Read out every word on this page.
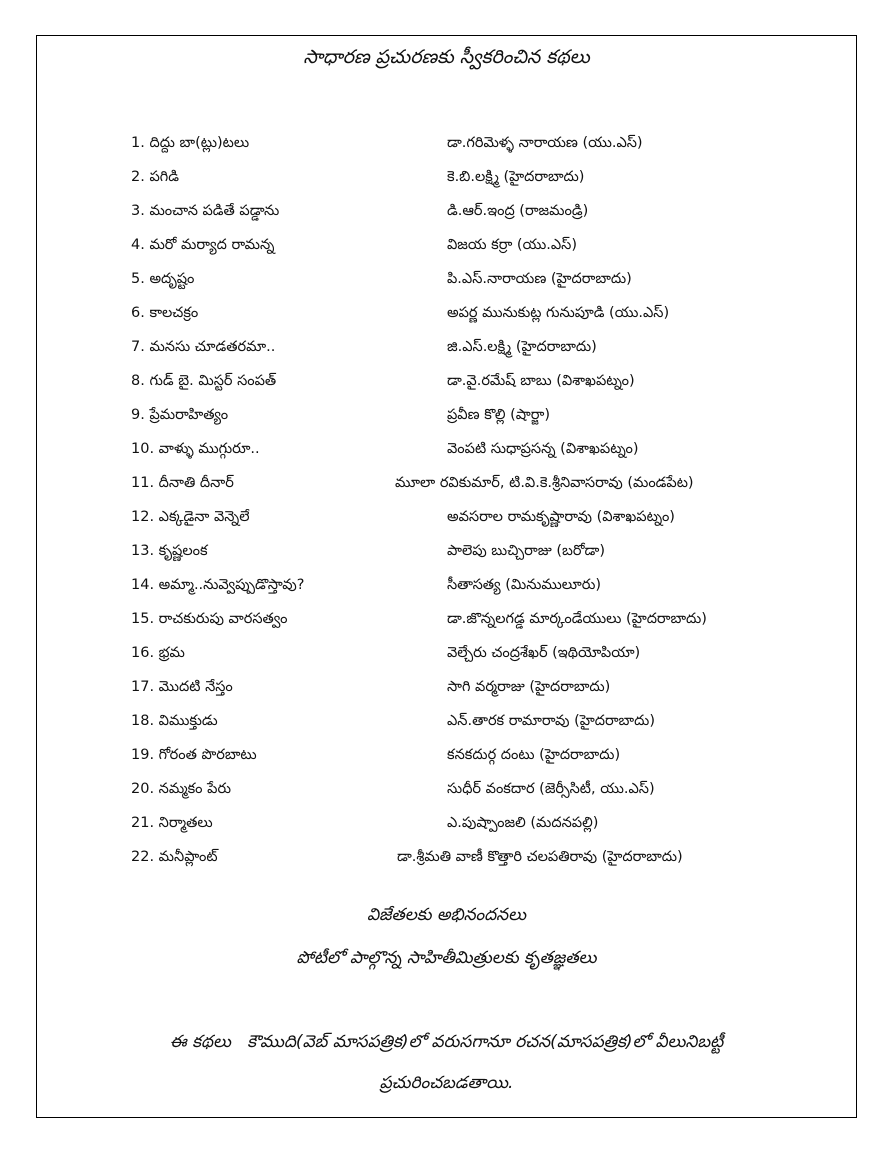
సాధారణ ప్రచురణకు స్వీకరించిన కథలు
1. దిద్దు బా(ట్లు)టలు	డా.గరిమెళ్ళ నారాయణ (యు.ఎస్)
2. పగిడి	కె.బి.లక్ష్మి (హైదరాబాదు)
3. మంచాన పడితే పడ్డాను	డి.ఆర్.ఇంద్ర (రాజమండ్రి)
4. మరో మర్యాద రామన్న	విజయ కర్రా (యు.ఎస్)
5. అదృష్టం	పి.ఎస్.నారాయణ (హైదరాబాదు)
6. కాలచక్రం	అపర్ణ మునుకుట్ల గునుపూడి (యు.ఎస్)
7. మనసు చూడతరమా..	జి.ఎస్.లక్ష్మి (హైదరాబాదు)
8. గుడ్ బై. మిస్టర్ సంపత్	డా.వై.రమేష్ బాబు (విశాఖపట్నం)
9. ప్రేమరాహిత్యం	ప్రవీణ కొల్లి (షార్జా)
10. వాళ్ళు ముగ్గురూ..	వెంపటి సుధాప్రసన్న (విశాఖపట్నం)
11. దీనాతి దీనార్	మూలా రవికుమార్, టి.వి.కె.శ్రీనివాసరావు (మండపేట)
12. ఎక్కడైనా వెన్నెలే	అవసరాల రామకృష్ణారావు (విశాఖపట్నం)
13. కృష్ణలంక	పాలెపు బుచ్చిరాజు (బరోడా)
14. అమ్మా..నువ్వెప్పుడొస్తావు?	సీతాసత్య (మినుములూరు)
15. రాచకురుపు వారసత్వం	డా.జొన్నలగడ్డ మార్కండేయులు (హైదరాబాదు)
16. భ్రమ	వెల్చేరు చంద్రశేఖర్ (ఇథియోపియా)
17. మొదటి నేస్తం	సాగి వర్మరాజు (హైదరాబాదు)
18. విముక్తుడు	ఎన్.తారక రామారావు (హైదరాబాదు)
19. గోరంత పొరబాటు	కనకదుర్గ దంటు (హైదరాబాదు)
20. నమ్మకం పేరు	సుధీర్ వంకదార (జెర్సీసిటీ, యు.ఎస్)
21. నిర్మాతలు	ఎ.పుష్పాంజలి (మదనపల్లి)
22. మనీప్లాంట్	డా.శ్రీమతి వాణీ కొత్తారి చలపతిరావు (హైదరాబాదు)
విజేతలకు అభినందనలు
పోటీలో పాల్గొన్న సాహితీమిత్రులకు కృతజ్ఞతలు
ఈ కథలు   కౌముది(వెబ్ మాసపత్రిక)లో వరుసగానూ రచన(మాసపత్రిక)లో వీలునిబట్టీ
ప్రచురించబడతాయి.
